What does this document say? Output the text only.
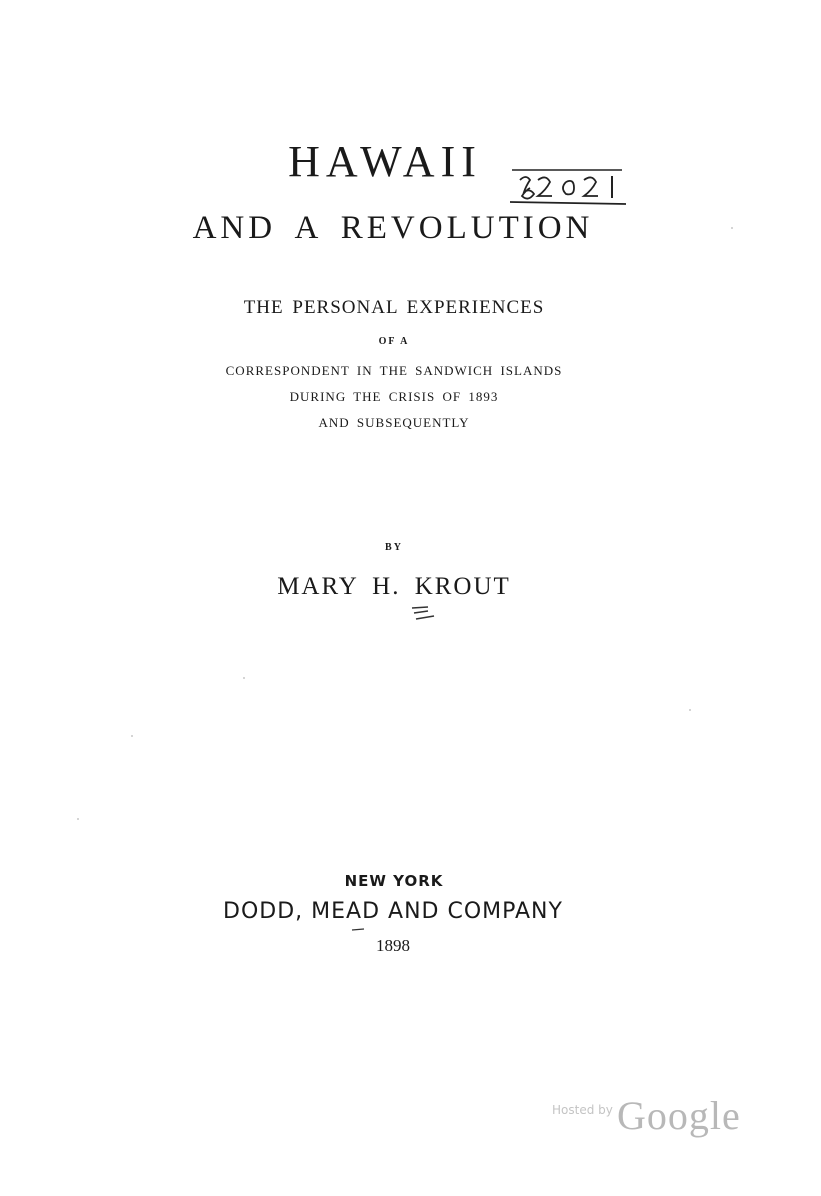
HAWAII
AND A REVOLUTION
THE PERSONAL EXPERIENCES
OF A
CORRESPONDENT IN THE SANDWICH ISLANDS
DURING THE CRISIS OF 1893
AND SUBSEQUENTLY
BY
MARY H. KROUT
NEW YORK
DODD, MEAD AND COMPANY
1898
Hosted by Google
